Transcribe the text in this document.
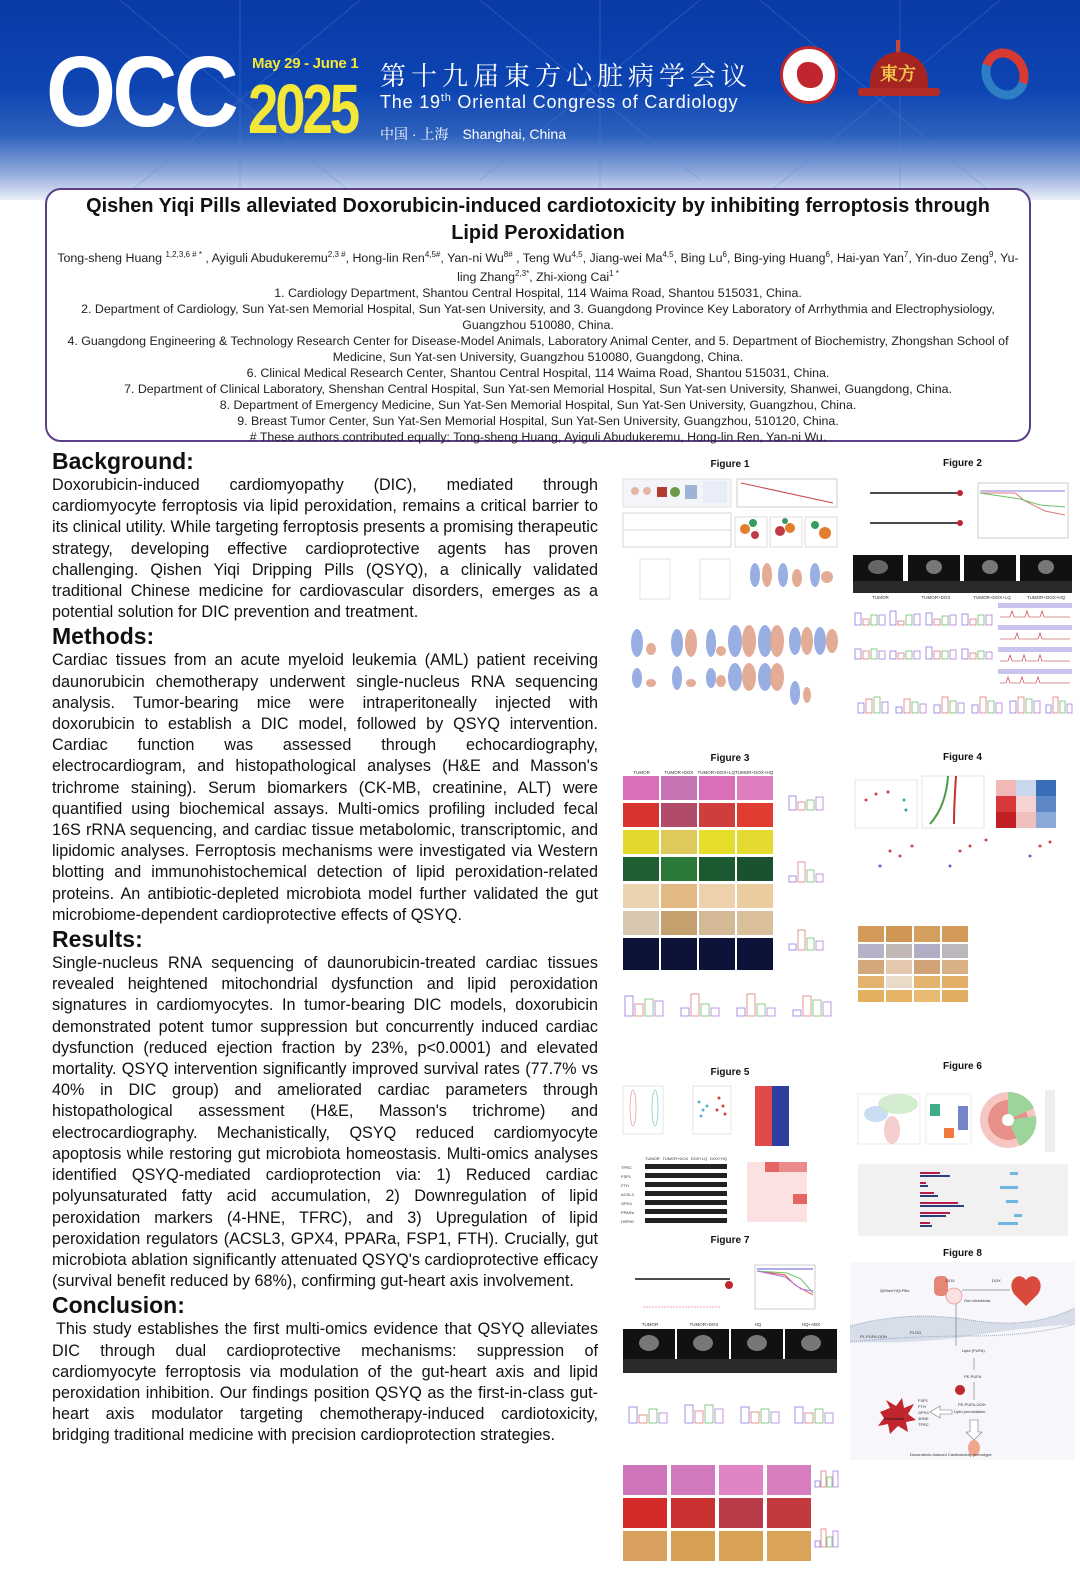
OCC May 29 - June 1
2025 第十九届東方心脏病学会议
The 19th Oriental Congress of Cardiology
中国 · 上海 Shanghai, China
東方
Qishen Yiqi Pills alleviated Doxorubicin-induced cardiotoxicity by inhibiting ferroptosis through Lipid Peroxidation
Tong-sheng Huang $^{1,2,3,6 \# *}$ , Ayiguli Abudukeremu$^{2,3 \#}$, Hong-lin Ren$^{4,5\#}$, Yan-ni $Wu^{8\#}$ , Teng Wu$^{4,5}$, Jiang-wei Ma$^{4,5}$, Bing Lu$^6$, Bing-ying Huang$^6$, Hai-yan Yan$^7$, Yin-duo Zeng$^9$, Yu-ling Zhang$^{2,3*}$, Zhi-xiong Cai$^{1 *}$
1. Cardiology Department, Shantou Central Hospital, 114 Waima Road, Shantou 515031, China.
2. Department of Cardiology, Sun Yat-sen Memorial Hospital, Sun Yat-sen University, and 3. Guangdong Province Key Laboratory of Arrhythmia and Electrophysiology, Guangzhou 510080, China.
4. Guangdong Engineering & Technology Research Center for Disease-Model Animals, Laboratory Animal Center, and 5. Department of Biochemistry, Zhongshan School of Medicine, Sun Yat-sen University, Guangzhou 510080, Guangdong, China.
6. Clinical Medical Research Center, Shantou Central Hospital, 114 Waima Road, Shantou 515031, China.
7. Department of Clinical Laboratory, Shenshan Central Hospital, Sun Yat-sen Memorial Hospital, Sun Yat-sen University, Shanwei, Guangdong, China.
8. Department of Emergency Medicine, Sun Yat-Sen Memorial Hospital, Sun Yat-Sen University, Guangzhou, China.
9. Breast Tumor Center, Sun Yat-Sen Memorial Hospital, Sun Yat-Sen University, Guangzhou, 510120, China.
# These authors contributed equally: Tong-sheng Huang, Ayiguli Abudukeremu, Hong-lin Ren, Yan-ni Wu.
Background:
Doxorubicin-induced cardiomyopathy (DIC), mediated through cardiomyocyte ferroptosis via lipid peroxidation, remains a critical barrier to its clinical utility. While targeting ferroptosis presents a promising therapeutic strategy, developing effective cardioprotective agents has proven challenging. Qishen Yiqi Dripping Pills (QSYQ), a clinically validated traditional Chinese medicine for cardiovascular disorders, emerges as a potential solution for DIC prevention and treatment.
Methods:
Cardiac tissues from an acute myeloid leukemia (AML) patient receiving daunorubicin chemotherapy underwent single-nucleus RNA sequencing analysis. Tumor-bearing mice were intraperitoneally injected with doxorubicin to establish a DIC model, followed by QSYQ intervention. Cardiac function was assessed through echocardiography, electrocardiogram, and histopathological analyses (H&E and Masson's trichrome staining). Serum biomarkers (CK-MB, creatinine, ALT) were quantified using biochemical assays. Multi-omics profiling included fecal 16S rRNA sequencing, and cardiac tissue metabolomic, transcriptomic, and lipidomic analyses. Ferroptosis mechanisms were investigated via Western blotting and immunohistochemical detection of lipid peroxidation-related proteins. An antibiotic-depleted microbiota model further validated the gut microbiome-dependent cardioprotective effects of QSYQ.
Results:
Single-nucleus RNA sequencing of daunorubicin-treated cardiac tissues revealed heightened mitochondrial dysfunction and lipid peroxidation signatures in cardiomyocytes. In tumor-bearing DIC models, doxorubicin demonstrated potent tumor suppression but concurrently induced cardiac dysfunction (reduced ejection fraction by 23%, p<0.0001) and elevated mortality. QSYQ intervention significantly improved survival rates (77.7% vs 40% in DIC group) and ameliorated cardiac parameters through histopathological assessment (H&E, Masson's trichrome) and electrocardiography. Mechanistically, QSYQ reduced cardiomyocyte apoptosis while restoring gut microbiota homeostasis. Multi-omics analyses identified QSYQ-mediated cardioprotection via: 1) Reduced cardiac polyunsaturated fatty acid accumulation, 2) Downregulation of lipid peroxidation markers (4-HNE, TFRC), and 3) Upregulation of lipid peroxidation regulators (ACSL3, GPX4, PPARa, FSP1, FTH). Crucially, gut microbiota ablation significantly attenuated QSYQ's cardioprotective efficacy (survival benefit reduced by 68%), confirming gut-heart axis involvement.
Conclusion:
This study establishes the first multi-omics evidence that QSYQ alleviates DIC through dual cardioprotective mechanisms: suppression of cardiomyocyte ferroptosis via modulation of the gut-heart axis and lipid peroxidation inhibition. Our findings position QSYQ as the first-in-class gut-heart axis modulator targeting chemotherapy-induced cardiotoxicity, bridging traditional medicine with precision cardioprotection strategies.
Figure 1	Figure 2
Figure 3	Figure 4
Figure 5
TUMOR TUMOR+DOX DOX+LQ DOX+HQ
TFRC
FSP1
FTH
ACSL3
GPX4
PPARa
HSP90
Figure 6
Figure 7
TUMOR	TUMOR+DOX	HQ	HQ+ABX
Figure 8
DOX
QiShenYiQi Pills
Gut microbiota
DOX
PL-PUFA-OOH
PLOO
Lipid (PUFA)
PE-PUFA
PE-PUFA-OOH
Lipid peroxidation
Ferroptosis
FSP1
FTH
GPX4
4HNE
TFRC
Doxorubicin-Induced Cardiotoxicity phenotype
TUMOR	TUMOR+DOX	TUMOR+DOX+LQ	TUMOR+DOX+HQ
TUMOR	TUMOR+DOX TUMOR+DOX+LQ TUMOR+DOX+HQ
